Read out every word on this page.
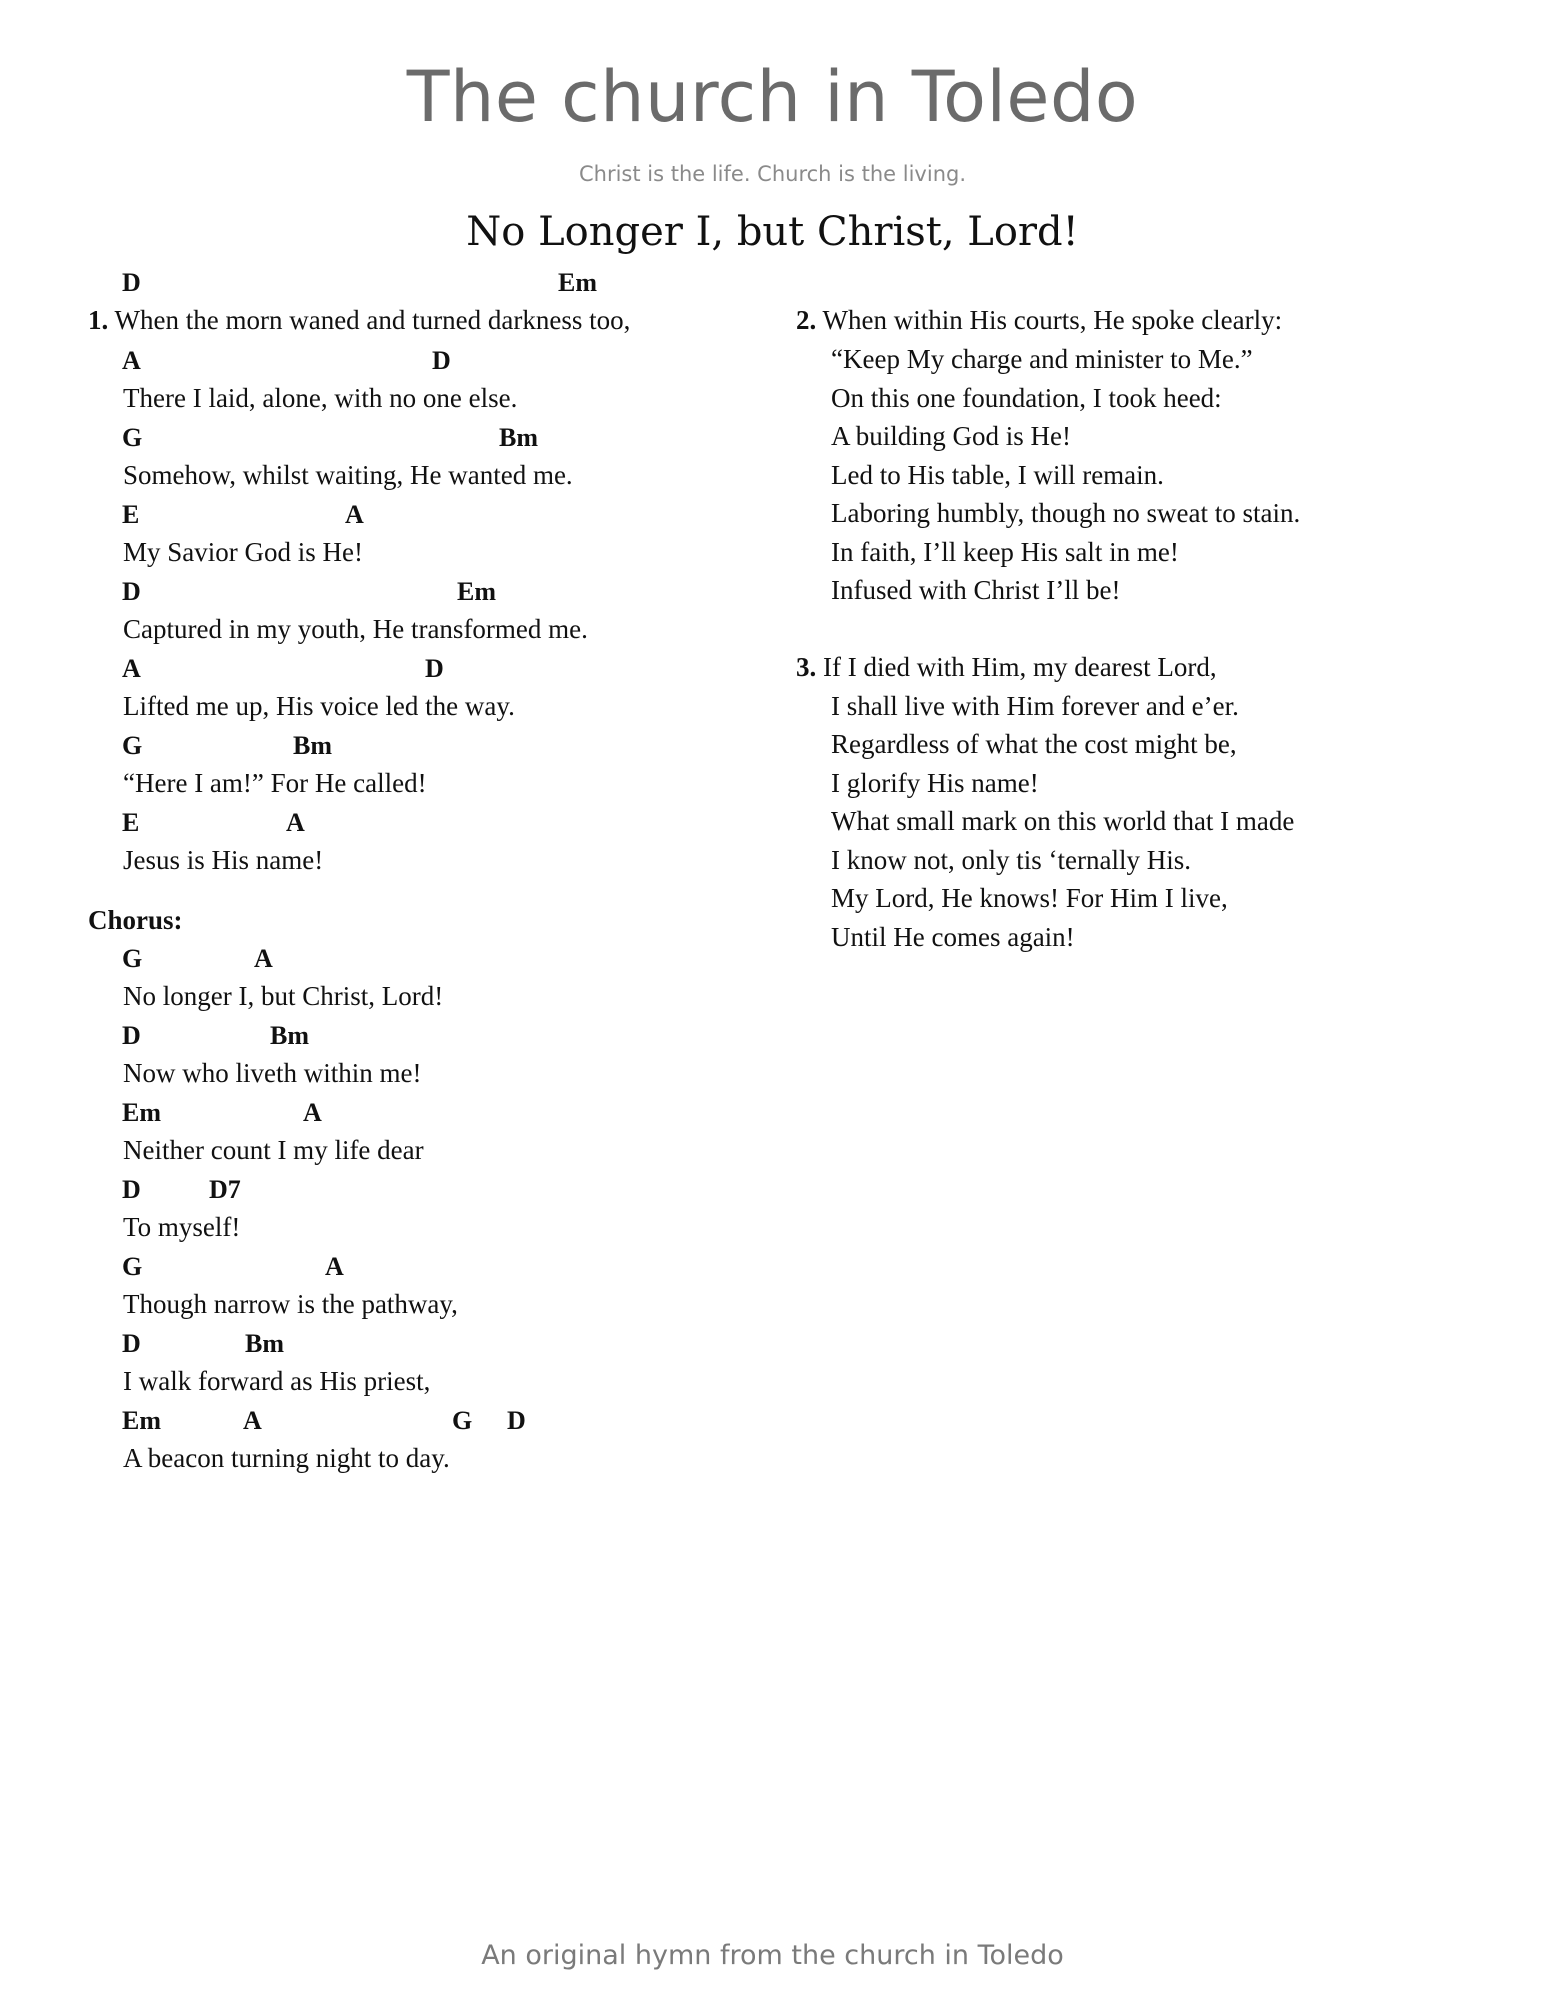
The church in Toledo
Christ is the life. Church is the living.
No Longer I, but Christ, Lord!
D	Em
1. When the morn waned and turned darkness too,
A	D
There I laid, alone, with no one else.
G	Bm
Somehow, whilst waiting, He wanted me.
E	A
My Savior God is He!
D	Em
Captured in my youth, He transformed me.
A	D
Lifted me up, His voice led the way.
G	Bm
“Here I am!” For He called!
E	A
Jesus is His name!
Chorus:
G	A
No longer I, but Christ, Lord!
D	Bm
Now who liveth within me!
Em	A
Neither count I my life dear
D	D7
To myself!
G	A
Though narrow is the pathway,
D	Bm
I walk forward as His priest,
Em	A	G D
A beacon turning night to day.
2. When within His courts, He spoke clearly:
“Keep My charge and minister to Me.”
On this one foundation, I took heed:
A building God is He!
Led to His table, I will remain.
Laboring humbly, though no sweat to stain.
In faith, I’ll keep His salt in me!
Infused with Christ I’ll be!
3. If I died with Him, my dearest Lord,
I shall live with Him forever and e’er.
Regardless of what the cost might be,
I glorify His name!
What small mark on this world that I made
I know not, only tis ‘ternally His.
My Lord, He knows! For Him I live,
Until He comes again!
An original hymn from the church in Toledo
